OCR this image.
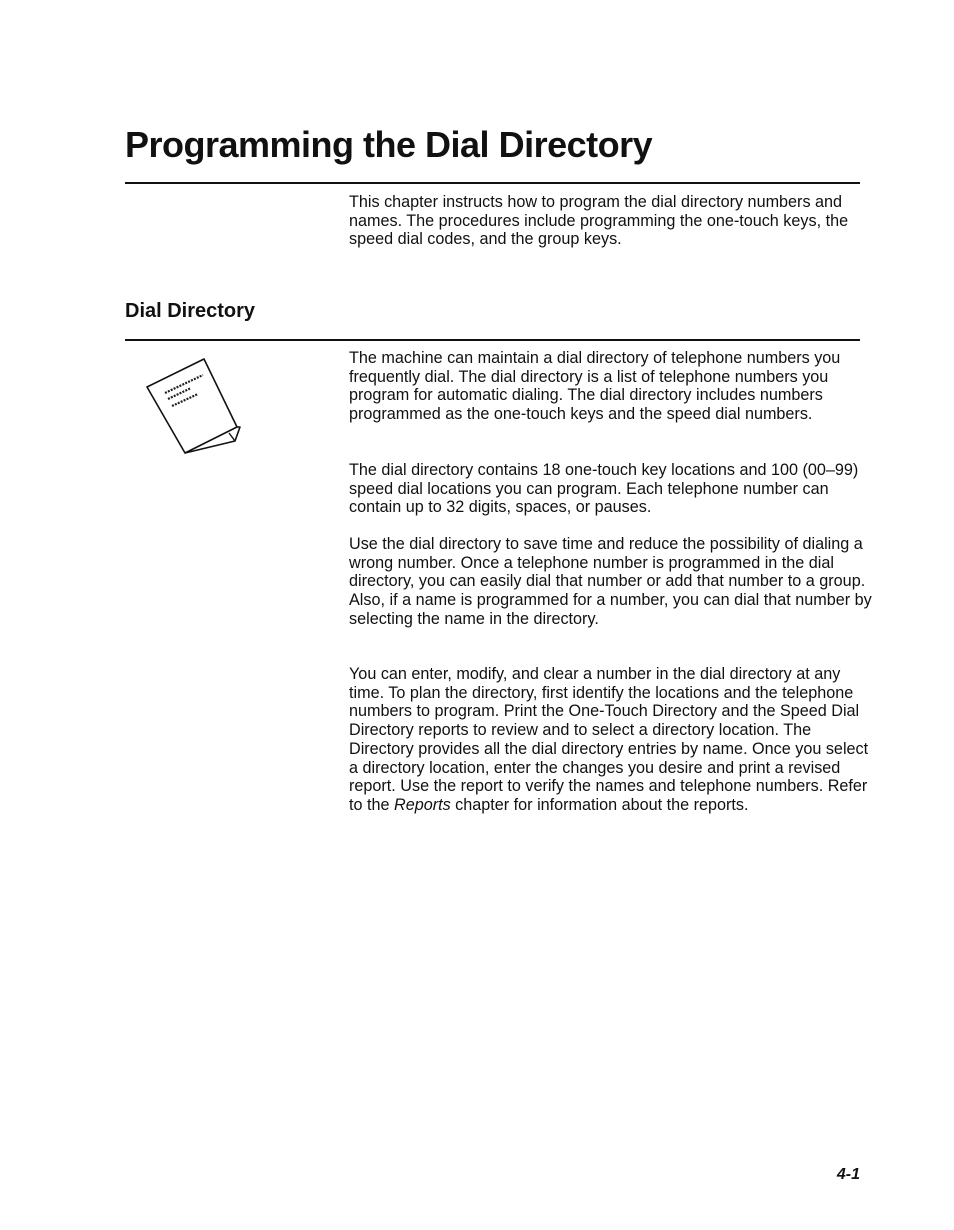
Programming the Dial Directory

This chapter instructs how to program the dial directory numbers and names. The procedures include programming the one-touch keys, the speed dial codes, and the group keys.

Dial Directory

The machine can maintain a dial directory of telephone numbers you frequently dial. The dial directory is a list of telephone numbers you program for automatic dialing. The dial directory includes numbers programmed as the one-touch keys and the speed dial numbers.

The dial directory contains 18 one-touch key locations and 100 (00–99) speed dial locations you can program. Each telephone number can contain up to 32 digits, spaces, or pauses.

Use the dial directory to save time and reduce the possibility of dialing a wrong number. Once a telephone number is programmed in the dial directory, you can easily dial that number or add that number to a group. Also, if a name is programmed for a number, you can dial that number by selecting the name in the directory.

You can enter, modify, and clear a number in the dial directory at any time. To plan the directory, first identify the locations and the telephone numbers to program. Print the One-Touch Directory and the Speed Dial Directory reports to review and to select a directory location. The Directory provides all the dial directory entries by name. Once you select a directory location, enter the changes you desire and print a revised report. Use the report to verify the names and telephone numbers. Refer to the Reports chapter for information about the reports.

4-1
